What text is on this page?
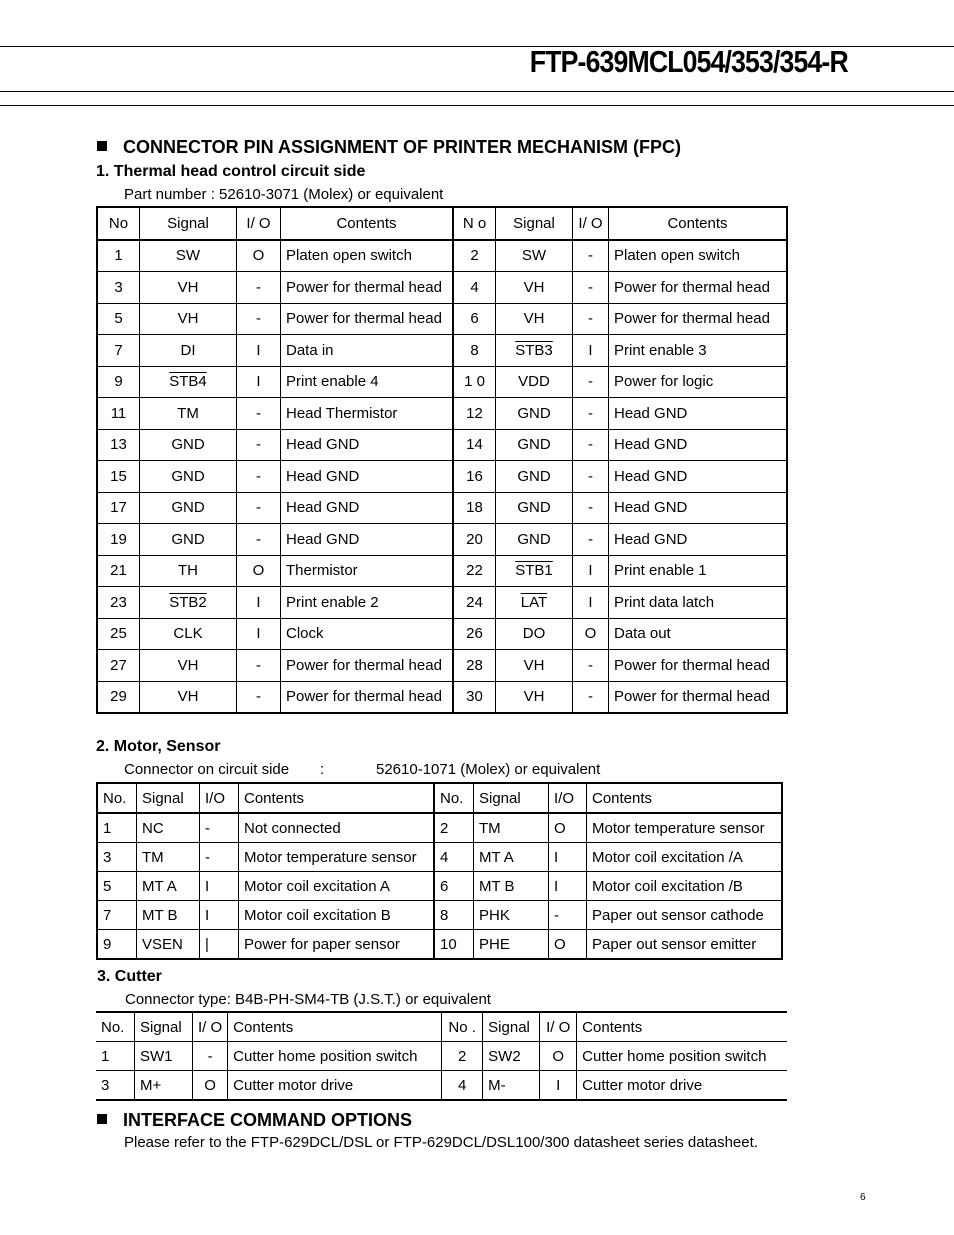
FTP-639MCL054/353/354-R
CONNECTOR PIN ASSIGNMENT OF PRINTER MECHANISM (FPC)
1. Thermal head control circuit side
Part number : 52610-3071 (Molex) or equivalent
No	Signal	I/ O	Contents	N o	Signal	I/ O	Contents
1	SW	O	Platen open switch	2	SW	-	Platen open switch
3	VH	-	Power for thermal head	4	VH	-	Power for thermal head
5	VH	-	Power for thermal head	6	VH	-	Power for thermal head
7	DI	I	Data in	8	STB3	I	Print enable 3
9	STB4	I	Print enable 4	1 0	VDD	-	Power for logic
11	TM	-	Head Thermistor	12	GND	-	Head GND
13	GND	-	Head GND	14	GND	-	Head GND
15	GND	-	Head GND	16	GND	-	Head GND
17	GND	-	Head GND	18	GND	-	Head GND
19	GND	-	Head GND	20	GND	-	Head GND
21	TH	O	Thermistor	22	STB1	I	Print enable 1
23	STB2	I	Print enable 2	24	$\overline{LAT}$	I	Print data latch
25	CLK	I	Clock	26	DO	O	Data out
27	VH	-	Power for thermal head	28	VH	-	Power for thermal head
29	VH	-	Power for thermal head	30	VH	-	Power for thermal head
2. Motor, Sensor
Connector on circuit side :	52610-1071 (Molex) or equivalent
No.	Signal	I/O	Contents	No.	Signal	I/O	Contents
1	NC	-	Not connected	2	TM	O	Motor temperature sensor
3	TM	-	Motor temperature sensor	4	MT A	I	Motor coil excitation /A
5	MT A	I	Motor coil excitation A	6	MT B	I	Motor coil excitation /B
7	MT B	I	Motor coil excitation B	8	PHK	-	Paper out sensor cathode
9	VSEN	|	Power for paper sensor	10	PHE	O	Paper out sensor emitter
3. Cutter
Connector type: B4B-PH-SM4-TB (J.S.T.) or equivalent
No.	Signal	I/ O	Contents	No .	Signal	I/ O	Contents
1	SW1	-	Cutter home position switch	2	SW2	O	Cutter home position switch
3	M+	O	Cutter motor drive	4	M-	I	Cutter motor drive
INTERFACE COMMAND OPTIONS
Please refer to the FTP-629DCL/DSL or FTP-629DCL/DSL100/300 datasheet series datasheet.
6
